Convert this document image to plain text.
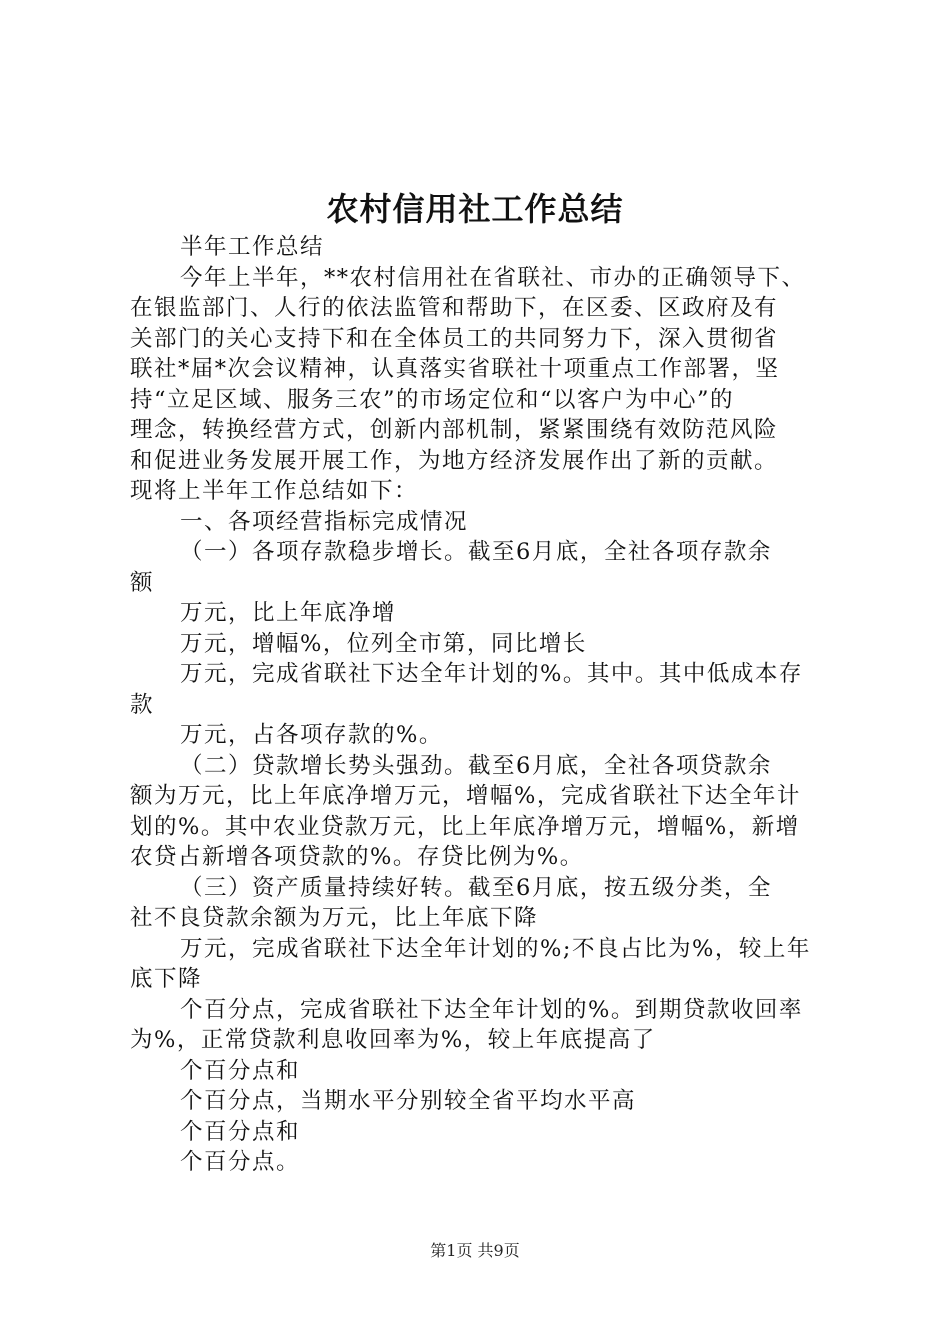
农村信用社工作总结

半年工作总结

今年上半年，**农村信用社在省联社、市办的正确领导下、

在银监部门、人行的依法监管和帮助下，在区委、区政府及有

关部门的关心支持下和在全体员工的共同努力下，深入贯彻省

联社*届*次会议精神，认真落实省联社十项重点工作部署，坚

持“立足区域、服务三农”的市场定位和“以客户为中心”的

理念，转换经营方式，创新内部机制，紧紧围绕有效防范风险

和促进业务发展开展工作，为地方经济发展作出了新的贡献。

现将上半年工作总结如下：

一、各项经营指标完成情况

（一）各项存款稳步增长。截至6月底，全社各项存款余

额

万元，比上年底净增

万元，增幅%，位列全市第，同比增长

万元，完成省联社下达全年计划的%。其中。其中低成本存

款

万元，占各项存款的%。

（二）贷款增长势头强劲。截至6月底，全社各项贷款余

额为万元，比上年底净增万元，增幅%，完成省联社下达全年计

划的%。其中农业贷款万元，比上年底净增万元，增幅%，新增

农贷占新增各项贷款的%。存贷比例为%。

（三）资产质量持续好转。截至6月底，按五级分类，全

社不良贷款余额为万元，比上年底下降

万元，完成省联社下达全年计划的%;不良占比为%，较上年

底下降

个百分点，完成省联社下达全年计划的%。到期贷款收回率

为%，正常贷款利息收回率为%，较上年底提高了

个百分点和

个百分点，当期水平分别较全省平均水平高

个百分点和

个百分点。

第1页 共9页
